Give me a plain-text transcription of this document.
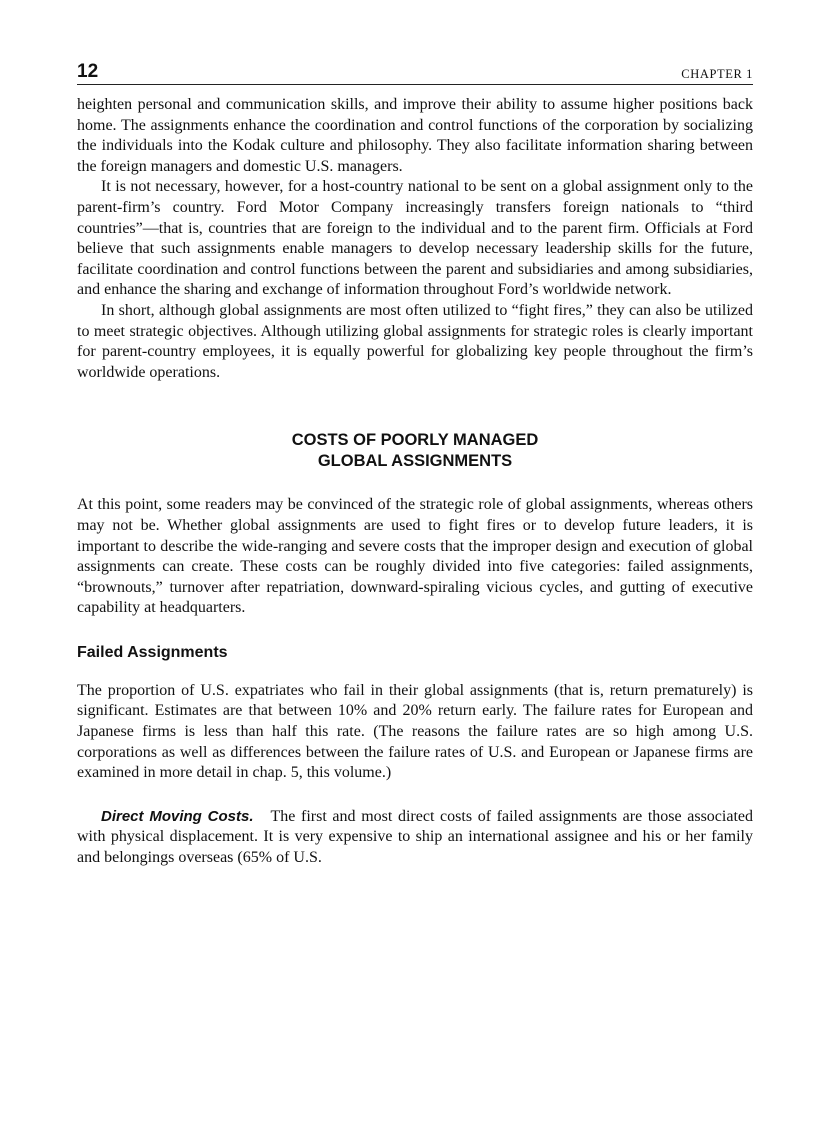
12	CHAPTER 1

heighten personal and communication skills, and improve their ability to assume higher positions back home. The assignments enhance the coordination and control functions of the corporation by socializing the individuals into the Kodak culture and philosophy. They also facilitate information sharing between the foreign managers and domestic U.S. managers.

It is not necessary, however, for a host-country national to be sent on a global assignment only to the parent-firm’s country. Ford Motor Company increasingly transfers foreign nationals to “third countries”—that is, countries that are foreign to the individual and to the parent firm. Officials at Ford believe that such assignments enable managers to develop necessary leadership skills for the future, facilitate coordination and control functions between the parent and subsidiaries and among subsidiaries, and enhance the sharing and exchange of information throughout Ford’s worldwide network.

In short, although global assignments are most often utilized to “fight fires,” they can also be utilized to meet strategic objectives. Although utilizing global assignments for strategic roles is clearly important for parent-country employees, it is equally powerful for globalizing key people throughout the firm’s worldwide operations.

COSTS OF POORLY MANAGED
GLOBAL ASSIGNMENTS

At this point, some readers may be convinced of the strategic role of global assignments, whereas others may not be. Whether global assignments are used to fight fires or to develop future leaders, it is important to describe the wide-ranging and severe costs that the improper design and execution of global assignments can create. These costs can be roughly divided into five categories: failed assignments, “brownouts,” turnover after repatriation, downward-spiraling vicious cycles, and gutting of executive capability at headquarters.

Failed Assignments

The proportion of U.S. expatriates who fail in their global assignments (that is, return prematurely) is significant. Estimates are that between 10% and 20% return early. The failure rates for European and Japanese firms is less than half this rate. (The reasons the failure rates are so high among U.S. corporations as well as differences between the failure rates of U.S. and European or Japanese firms are examined in more detail in chap. 5, this volume.)

Direct Moving Costs. The first and most direct costs of failed assignments are those associated with physical displacement. It is very expensive to ship an international assignee and his or her family and belongings overseas (65% of U.S.
